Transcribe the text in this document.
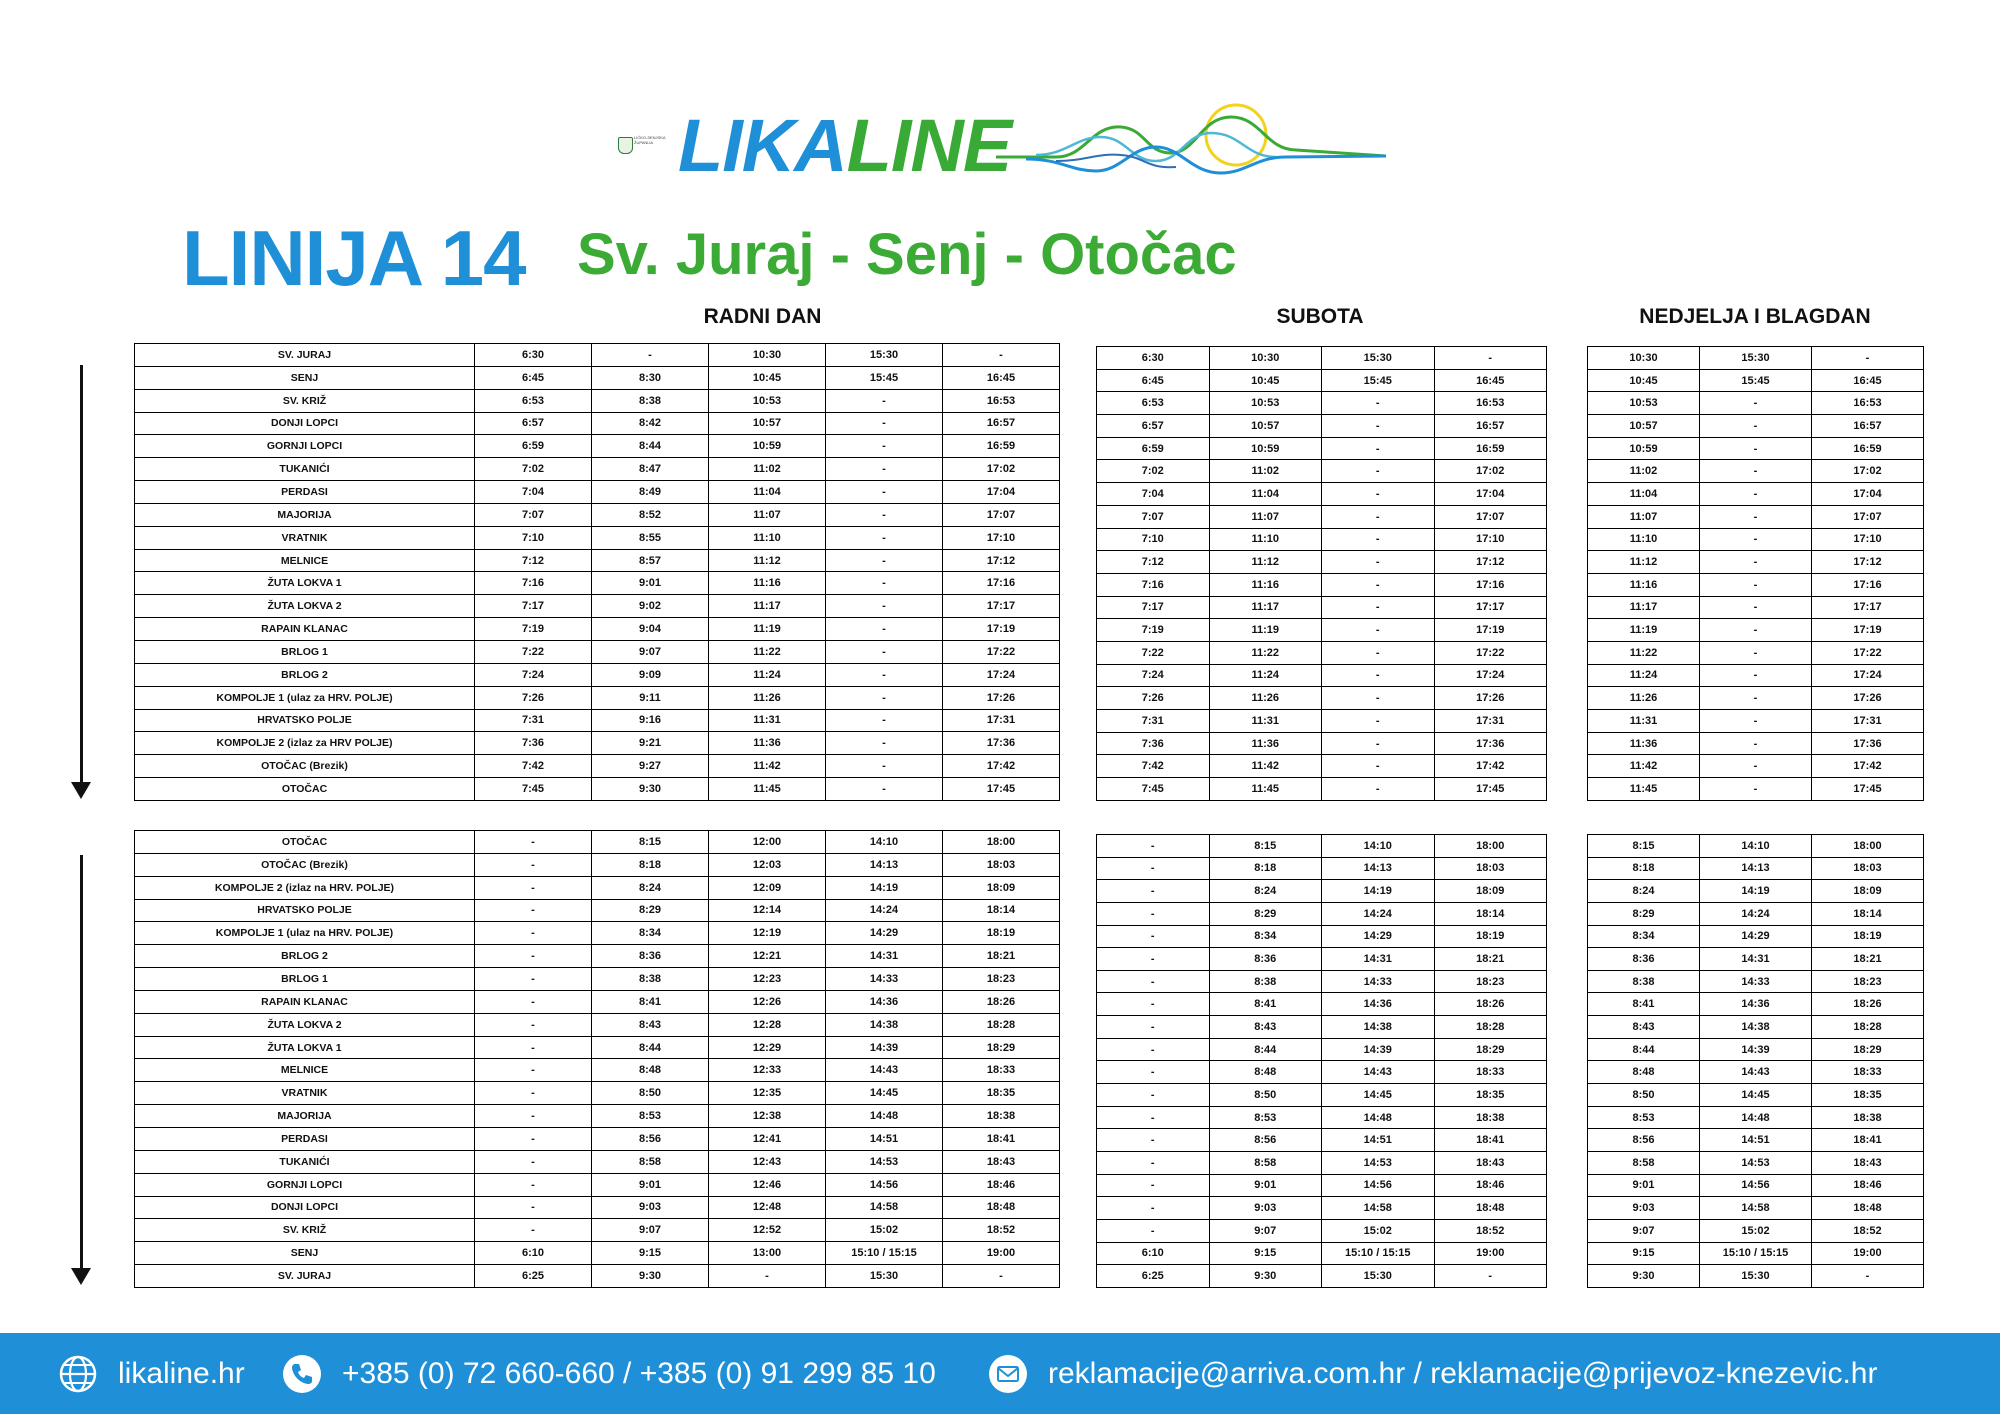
LIČKO-SENJSKA ŽUPANIJA LIKALINE
LINIJA 14 Sv. Juraj - Senj - Otočac
RADNI DAN	SUBOTA	NEDJELJA I BLAGDAN
SV. JURAJ	6:30	-	10:30	15:30	-
SENJ	6:45	8:30	10:45	15:45	16:45
SV. KRIŽ	6:53	8:38	10:53	-	16:53
DONJI LOPCI	6:57	8:42	10:57	-	16:57
GORNJI LOPCI	6:59	8:44	10:59	-	16:59
TUKANIĆI	7:02	8:47	11:02	-	17:02
PERDASI	7:04	8:49	11:04	-	17:04
MAJORIJA	7:07	8:52	11:07	-	17:07
VRATNIK	7:10	8:55	11:10	-	17:10
MELNICE	7:12	8:57	11:12	-	17:12
ŽUTA LOKVA 1	7:16	9:01	11:16	-	17:16
ŽUTA LOKVA 2	7:17	9:02	11:17	-	17:17
RAPAIN KLANAC	7:19	9:04	11:19	-	17:19
BRLOG 1	7:22	9:07	11:22	-	17:22
BRLOG 2	7:24	9:09	11:24	-	17:24
KOMPOLJE 1 (ulaz za HRV. POLJE)	7:26	9:11	11:26	-	17:26
HRVATSKO POLJE	7:31	9:16	11:31	-	17:31
KOMPOLJE 2 (izlaz za HRV POLJE)	7:36	9:21	11:36	-	17:36
OTOČAC (Brezik)	7:42	9:27	11:42	-	17:42
OTOČAC	7:45	9:30	11:45	-	17:45
6:30	10:30	15:30	-
6:45	10:45	15:45	16:45
6:53	10:53	-	16:53
6:57	10:57	-	16:57
6:59	10:59	-	16:59
7:02	11:02	-	17:02
7:04	11:04	-	17:04
7:07	11:07	-	17:07
7:10	11:10	-	17:10
7:12	11:12	-	17:12
7:16	11:16	-	17:16
7:17	11:17	-	17:17
7:19	11:19	-	17:19
7:22	11:22	-	17:22
7:24	11:24	-	17:24
7:26	11:26	-	17:26
7:31	11:31	-	17:31
7:36	11:36	-	17:36
7:42	11:42	-	17:42
7:45	11:45	-	17:45
10:30	15:30	-
10:45	15:45	16:45
10:53	-	16:53
10:57	-	16:57
10:59	-	16:59
11:02	-	17:02
11:04	-	17:04
11:07	-	17:07
11:10	-	17:10
11:12	-	17:12
11:16	-	17:16
11:17	-	17:17
11:19	-	17:19
11:22	-	17:22
11:24	-	17:24
11:26	-	17:26
11:31	-	17:31
11:36	-	17:36
11:42	-	17:42
11:45	-	17:45
OTOČAC	-	8:15	12:00	14:10	18:00
OTOČAC (Brezik)	-	8:18	12:03	14:13	18:03
KOMPOLJE 2 (izlaz na HRV. POLJE)	-	8:24	12:09	14:19	18:09
HRVATSKO POLJE	-	8:29	12:14	14:24	18:14
KOMPOLJE 1 (ulaz na HRV. POLJE)	-	8:34	12:19	14:29	18:19
BRLOG 2	-	8:36	12:21	14:31	18:21
BRLOG 1	-	8:38	12:23	14:33	18:23
RAPAIN KLANAC	-	8:41	12:26	14:36	18:26
ŽUTA LOKVA 2	-	8:43	12:28	14:38	18:28
ŽUTA LOKVA 1	-	8:44	12:29	14:39	18:29
MELNICE	-	8:48	12:33	14:43	18:33
VRATNIK	-	8:50	12:35	14:45	18:35
MAJORIJA	-	8:53	12:38	14:48	18:38
PERDASI	-	8:56	12:41	14:51	18:41
TUKANIĆI	-	8:58	12:43	14:53	18:43
GORNJI LOPCI	-	9:01	12:46	14:56	18:46
DONJI LOPCI	-	9:03	12:48	14:58	18:48
SV. KRIŽ	-	9:07	12:52	15:02	18:52
SENJ	6:10	9:15	13:00	15:10 / 15:15	19:00
SV. JURAJ	6:25	9:30	-	15:30	-
-	8:15	14:10	18:00
-	8:18	14:13	18:03
-	8:24	14:19	18:09
-	8:29	14:24	18:14
-	8:34	14:29	18:19
-	8:36	14:31	18:21
-	8:38	14:33	18:23
-	8:41	14:36	18:26
-	8:43	14:38	18:28
-	8:44	14:39	18:29
-	8:48	14:43	18:33
-	8:50	14:45	18:35
-	8:53	14:48	18:38
-	8:56	14:51	18:41
-	8:58	14:53	18:43
-	9:01	14:56	18:46
-	9:03	14:58	18:48
-	9:07	15:02	18:52
6:10	9:15	15:10 / 15:15	19:00
6:25	9:30	15:30	-
8:15	14:10	18:00
8:18	14:13	18:03
8:24	14:19	18:09
8:29	14:24	18:14
8:34	14:29	18:19
8:36	14:31	18:21
8:38	14:33	18:23
8:41	14:36	18:26
8:43	14:38	18:28
8:44	14:39	18:29
8:48	14:43	18:33
8:50	14:45	18:35
8:53	14:48	18:38
8:56	14:51	18:41
8:58	14:53	18:43
9:01	14:56	18:46
9:03	14:58	18:48
9:07	15:02	18:52
9:15	15:10 / 15:15	19:00
9:30	15:30	-
likaline.hr	+385 (0) 72 660-660 / +385 (0) 91 299 85 10	reklamacije@arriva.com.hr / reklamacije@prijevoz-knezevic.hr
